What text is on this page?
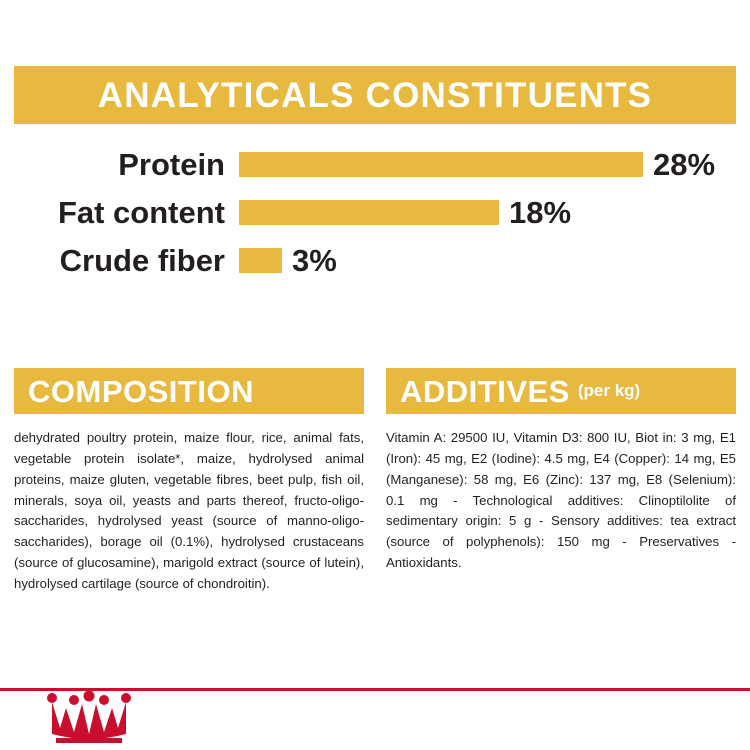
ANALYTICALS CONSTITUENTS
Protein	28%
Fat content	18%
Crude fiber	3%
COMPOSITION
dehydrated poultry protein, maize flour, rice, animal fats, vegetable protein isolate*, maize, hydrolysed animal proteins, maize gluten, vegetable fibres, beet pulp, fish oil, minerals, soya oil, yeasts and parts thereof, fructo-oligo-saccharides, hydrolysed yeast (source of manno-oligo- saccharides), borage oil (0.1%), hydrolysed crustaceans (source of glucosamine), marigold extract (source of lutein), hydrolysed cartilage (source of chondroitin).
ADDITIVES (per kg)
Vitamin A: 29500 IU, Vitamin D3: 800 IU, Biot in: 3 mg, E1 (Iron): 45 mg, E2 (Iodine): 4.5 mg, E4 (Copper): 14 mg, E5 (Manganese): 58 mg, E6 (Zinc): 137 mg, E8 (Selenium): 0.1 mg - Technological additives: Clinoptilolite of sedimentary origin: 5 g - Sensory additives: tea extract (source of polyphenols): 150 mg - Preservatives - Antioxidants.
